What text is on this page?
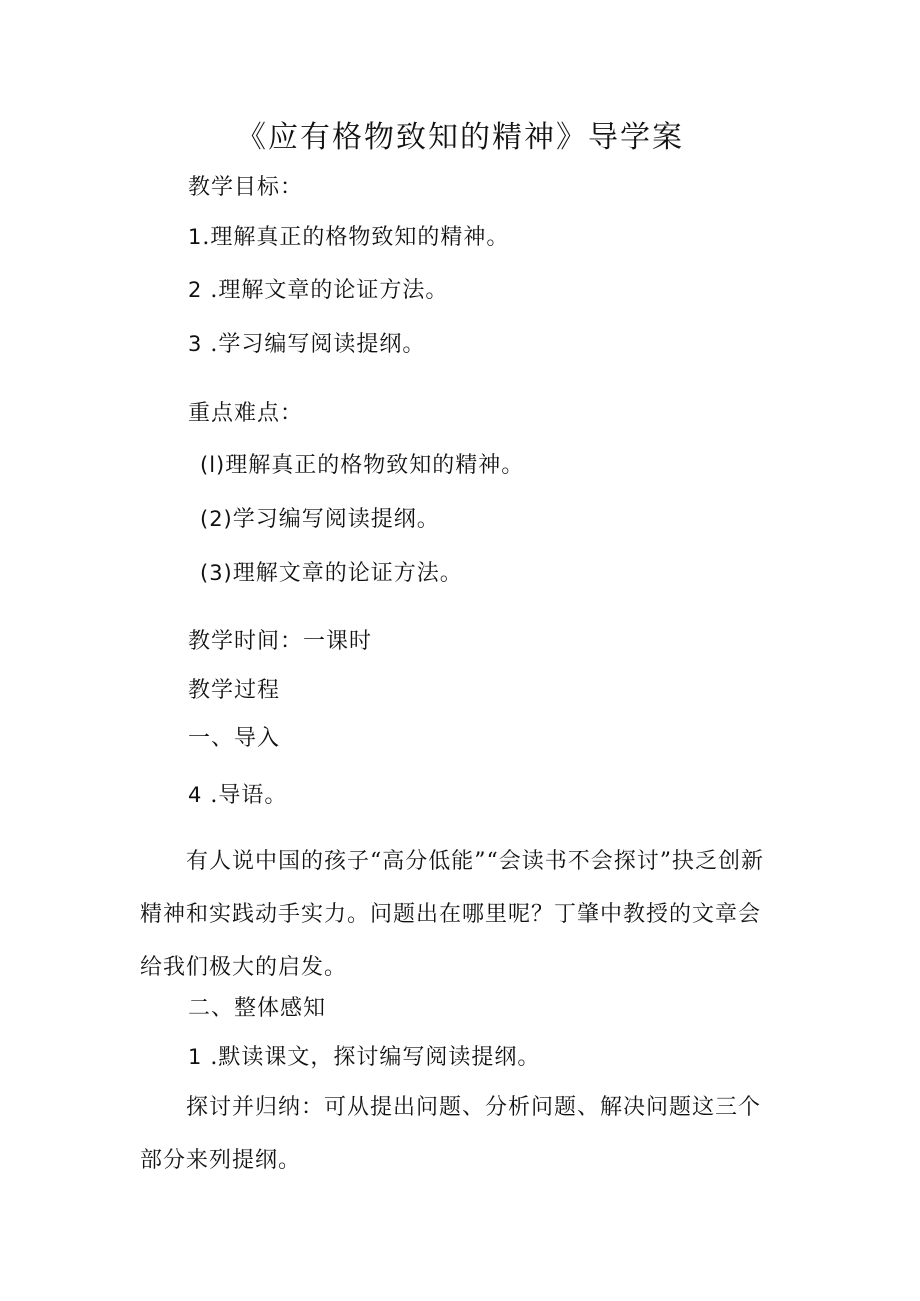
《应有格物致知的精神》导学案
教学目标：
1.理解真正的格物致知的精神。
2 .理解文章的论证方法。
3 .学习编写阅读提纲。
重点难点：
(l)理解真正的格物致知的精神。
(2)学习编写阅读提纲。
(3)理解文章的论证方法。
教学时间：一课时
教学过程
一、导入
4 .导语。
有人说中国的孩子“高分低能”“会读书不会探讨”抉乏创新精神和实践动手实力。问题出在哪里呢？丁肇中教授的文章会给我们极大的启发。
二、整体感知
1 .默读课文，探讨编写阅读提纲。
探讨并归纳：可从提出问题、分析问题、解决问题这三个部分来列提纲。
